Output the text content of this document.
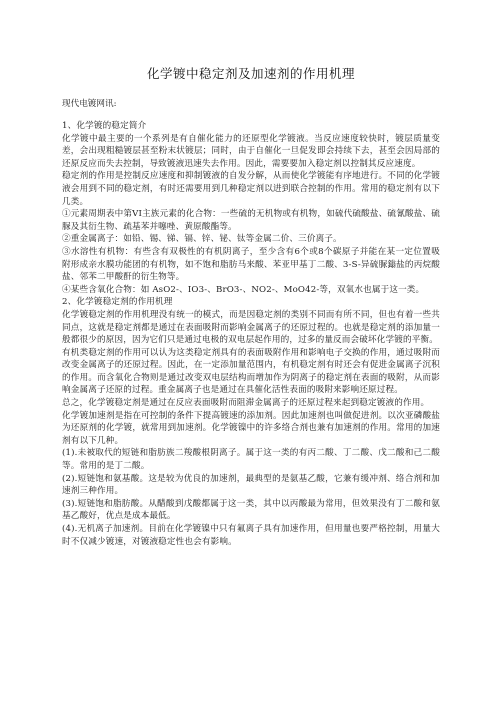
化学镀中稳定剂及加速剂的作用机理
现代电镀网讯:

1、化学镀的稳定简介

化学镀中最主要的一个系列是有自催化能力的还原型化学镀液。当反应速度较快时，镀层质量变差，会出现粗糙镀层甚至粉末状镀层；同时，由于自催化一旦促发即会持续下去，甚至会因局部的还原反应而失去控制，导致镀液迅速失去作用。因此，需要要加入稳定剂以控制其反应速度。

稳定剂的作用是控制反应速度和抑制镀液的自发分解，从而使化学镀能有序地进行。不同的化学镀液会用到不同的稳定剂，有时还需要用到几种稳定剂以进到联合控制的作用。常用的稳定剂有以下几类。

①元素周期表中第VI主族元素的化合物：一些硫的无机物或有机物，如硫代硫酸盐、硫氰酸盐、硫脲及其衍生物、疏基苯并噻唑、黄原酸酯等。

②重金属离子：如铅、锡、锑、镉、锌、铋、钛等金属二价、三价离子。

③水溶性有机物：有些含有双极性的有机阴离子，至少含有6个或8个碳原子并能在某一定位置吸附形成亲水膜功能团的有机物，如不饱和脂肪马来酸、苯亚甲基丁二酸、3-S-异硫脲鎓盐的丙烷酸盐、邻苯二甲酸酐的衍生物等。

④某些含氧化合物：如 AsO2-、IO3-、BrO3-、NO2-、MoO42-等，双氧水也属于这一类。

2、化学镀稳定剂的作用机理

化学镀稳定剂的作用机理没有统一的模式，而是因稳定剂的类别不同而有所不同，但也有着一些共同点，这就是稳定剂都是通过在表面吸附而影响金属离子的还原过程的。也就是稳定剂的添加量一般都很少的原因，因为它们只是通过电极的双电层起作用的，过多的量反而会破坏化学镀的平衡。

有机类稳定剂的作用可以认为这类稳定剂具有的表面吸附作用和影响电子交换的作用，通过吸附而改变金属离子的还原过程。因此，在一定添加量范围内，有机稳定剂有时还会有促进金属离子沉积的作用。而含氧化合物则是通过改变双电层结构而增加作为阴离子的稳定剂在表面的吸附，从而影响金属离子还原的过程。重金属离子也是通过在具催化活性表面的吸附来影响还原过程。

总之，化学镀稳定剂是通过在反应表面吸附而阻滞金属离子的还原过程来起到稳定镀液的作用。

化学镀加速剂是指在可控制的条件下提高镀速的添加剂。因此加速剂也叫做促进剂。以次亚磷酸盐为还原剂的化学镀，就常用到加速剂。化学镀镍中的许多络合剂也兼有加速剂的作用。常用的加速剂有以下几种。

(1).未被取代的短链和脂肪族二羧酸根阴离子。属于这一类的有丙二酸、丁二酸、戊二酸和己二酸等。常用的是丁二酸。

(2).短链饱和氨基酸。这是较为优良的加速剂，最典型的是氨基乙酸，它兼有缓冲剂、络合剂和加速剂三种作用。

(3).短链饱和脂肪酸。从醋酸到戊酸都属于这一类，其中以丙酸最为常用，但效果没有丁二酸和氨基乙酸好，优点是成本最低。

(4).无机离子加速剂。目前在化学镀镍中只有氟离子具有加速作用，但用量也要严格控制，用量大时不仅减少镀速，对镀液稳定性也会有影响。
